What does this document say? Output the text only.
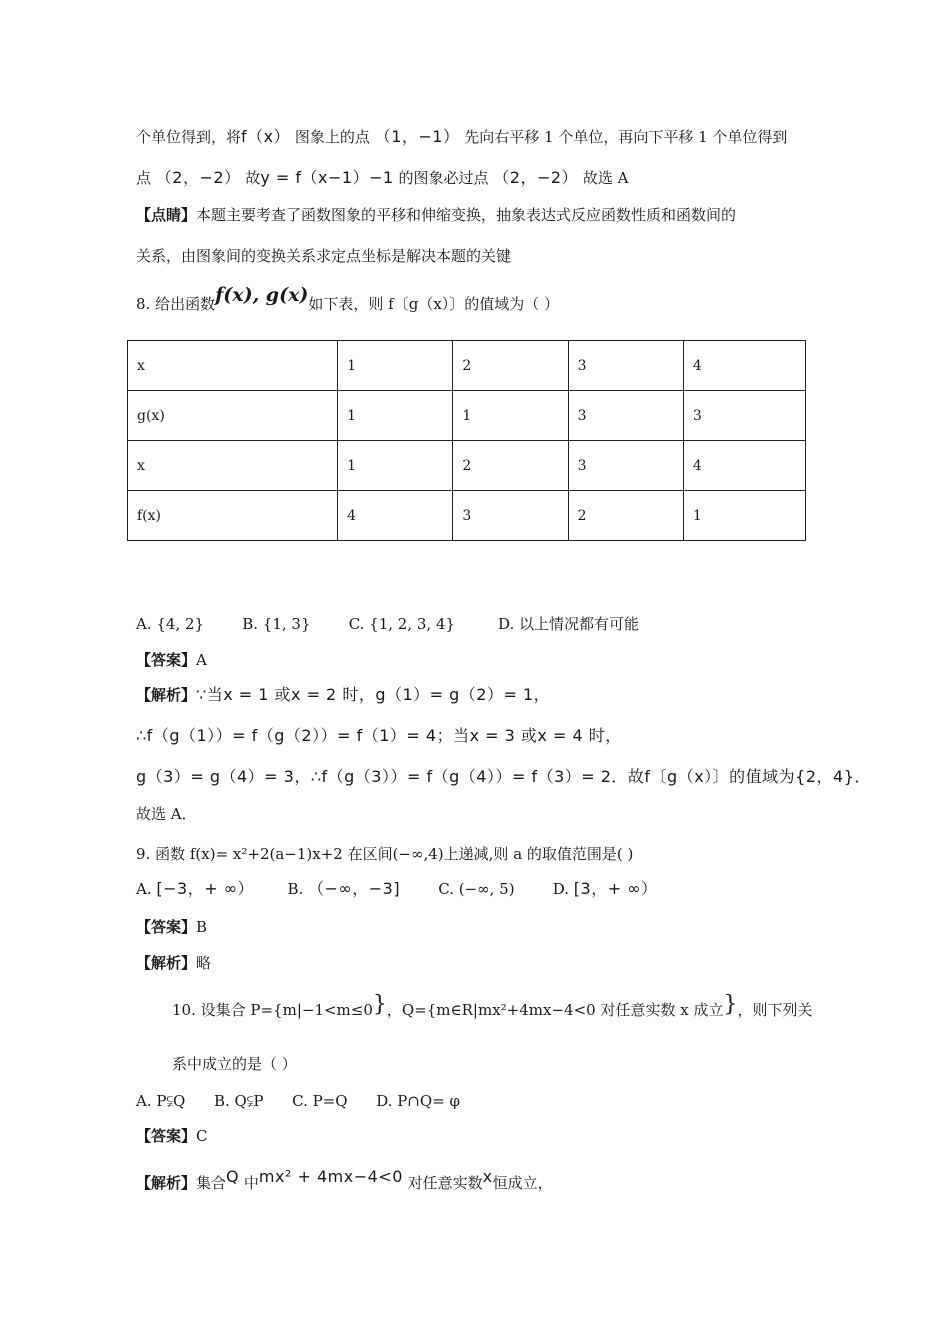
个单位得到，将f（x） 图象上的点 （1，−1） 先向右平移 1 个单位，再向下平移 1 个单位得到
点 （2，−2） 故y = f（x−1）−1 的图象必过点 （2，−2） 故选 A
【点睛】本题主要考查了函数图象的平移和伸缩变换，抽象表达式反应函数性质和函数间的
关系，由图象间的变换关系求定点坐标是解决本题的关键
8. 给出函数f(x), g(x)如下表，则 f〔g（x）〕的值域为（ ）
x	1	2	3	4
g(x)	1	1	3	3
x	1	2	3	4
f(x)	4	3	2	1
A. {4, 2}	B. {1, 3}	C. {1, 2, 3, 4}	D. 以上情况都有可能
【答案】A
【解析】∵当x = 1 或x = 2 时，g（1）= g（2）= 1，
∴f（g（1））= f（g（2））= f（1）= 4；当x = 3 或x = 4 时，
g（3）= g（4）= 3，∴f（g（3））= f（g（4））= f（3）= 2．故f〔g（x）〕的值域为{2，4}．
故选 A．
9. 函数 f(x)= x²+2(a−1)x+2 在区间(−∞,4)上递减,则 a 的取值范围是( )
A. [−3，+ ∞） B. （−∞，−3]	C. (−∞, 5)	D. [3，+ ∞）
【答案】B
【解析】略
10. 设集合 P={m|−1<m≤0}，Q={m∈R|mx²+4mx−4<0 对任意实数 x 成立}，则下列关
系中成立的是（ ）
A. P⫋Q B. Q⫋P C. P=Q D. P∩Q= φ
【答案】C
【解析】集合Q 中mx² + 4mx−4<0 对任意实数x恒成立，
